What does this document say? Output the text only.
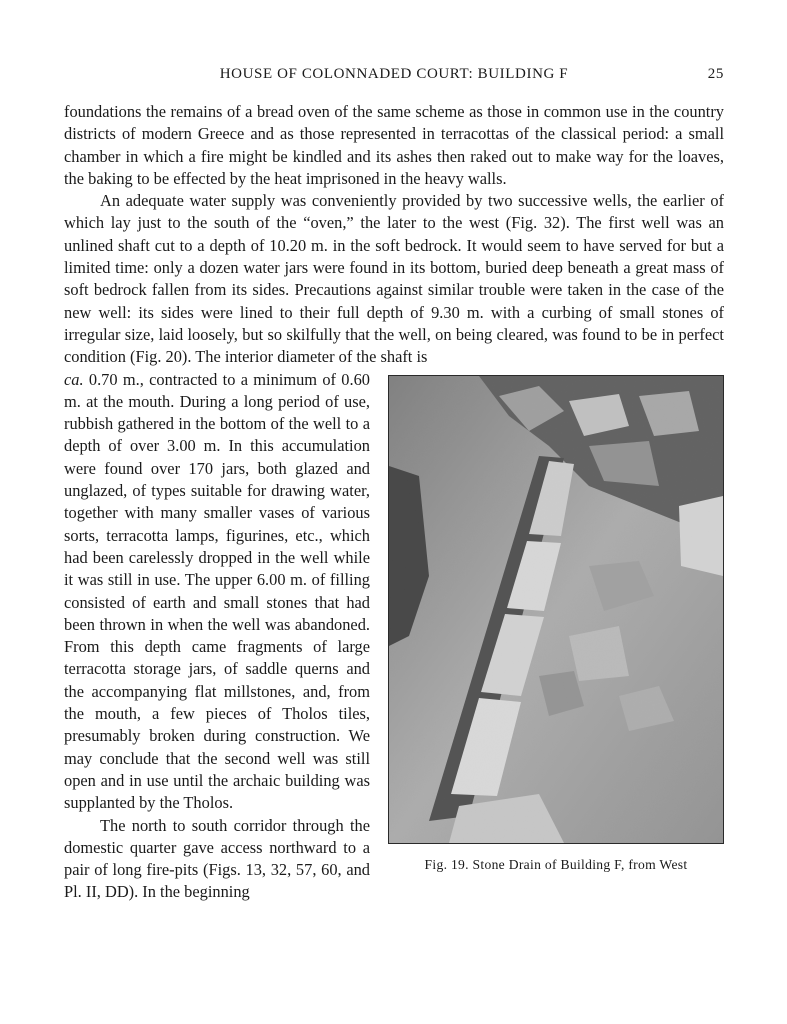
HOUSE OF COLONNADED COURT: BUILDING F	25

foundations the remains of a bread oven of the same scheme as those in common use in the country districts of modern Greece and as those represented in terracottas of the classical period: a small chamber in which a fire might be kindled and its ashes then raked out to make way for the loaves, the baking to be effected by the heat imprisoned in the heavy walls.

An adequate water supply was conveniently provided by two successive wells, the earlier of which lay just to the south of the “oven,” the later to the west (Fig. 32). The first well was an unlined shaft cut to a depth of 10.20 m. in the soft bedrock. It would seem to have served for but a limited time: only a dozen water jars were found in its bottom, buried deep beneath a great mass of soft bedrock fallen from its sides. Precautions against similar trouble were taken in the case of the new well: its sides were lined to their full depth of 9.30 m. with a curbing of small stones of irregular size, laid loosely, but so skilfully that the well, on being cleared, was found to be in perfect condition (Fig. 20). The interior diameter of the shaft is

Fig. 19. Stone Drain of Building F, from West
ca. 0.70 m., contracted to a minimum of 0.60 m. at the mouth. During a long period of use, rubbish gathered in the bottom of the well to a depth of over 3.00 m. In this accumulation were found over 170 jars, both glazed and unglazed, of types suitable for drawing water, together with many smaller vases of various sorts, terracotta lamps, figurines, etc., which had been carelessly dropped in the well while it was still in use. The upper 6.00 m. of filling consisted of earth and small stones that had been thrown in when the well was abandoned. From this depth came fragments of large terracotta storage jars, of saddle querns and the accompanying flat millstones, and, from the mouth, a few pieces of Tholos tiles, presumably broken during construction. We may conclude that the second well was still open and in use until the archaic building was supplanted by the Tholos.

The north to south corridor through the domestic quarter gave access northward to a pair of long fire-pits (Figs. 13, 32, 57, 60, and Pl. II, DD). In the beginning
